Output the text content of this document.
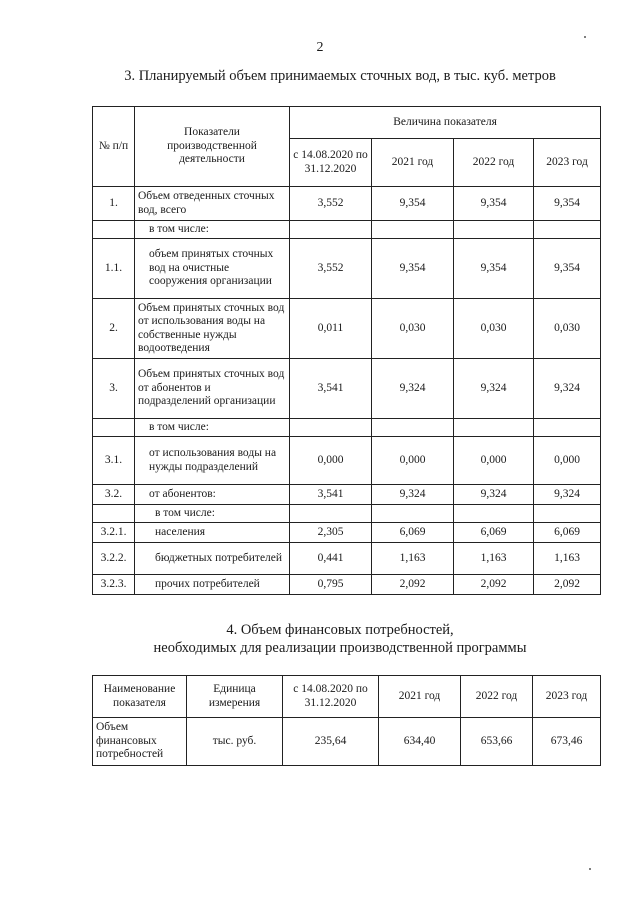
2
3. Планируемый объем принимаемых сточных вод, в тыс. куб. метров
№ п/п	Показатели производственной деятельности	Величина показателя			
		с 14.08.2020 по 31.12.2020	2021 год	2022 год	2023 год
1.	Объем отведенных сточных вод, всего	3,552	9,354	9,354	9,354
	в том числе:				
1.1.	объем принятых сточных вод на очистные сооружения организации	3,552	9,354	9,354	9,354
2.	Объем принятых сточных вод от использования воды на собственные нужды водоотведения	0,011	0,030	0,030	0,030
3.	Объем принятых сточных вод от абонентов и подразделений организации	3,541	9,324	9,324	9,324
	в том числе:				
3.1.	от использования воды на нужды подразделений	0,000	0,000	0,000	0,000
3.2.	от абонентов:	3,541	9,324	9,324	9,324
	в том числе:				
3.2.1.	населения	2,305	6,069	6,069	6,069
3.2.2.	бюджетных потребителей	0,441	1,163	1,163	1,163
3.2.3.	прочих потребителей	0,795	2,092	2,092	2,092
4. Объем финансовых потребностей,
необходимых для реализации производственной программы
Наименование показателя	Единица измерения	с 14.08.2020 по 31.12.2020	2021 год	2022 год	2023 год
Объем финансовых потребностей	тыс. руб.	235,64	634,40	653,66	673,46
